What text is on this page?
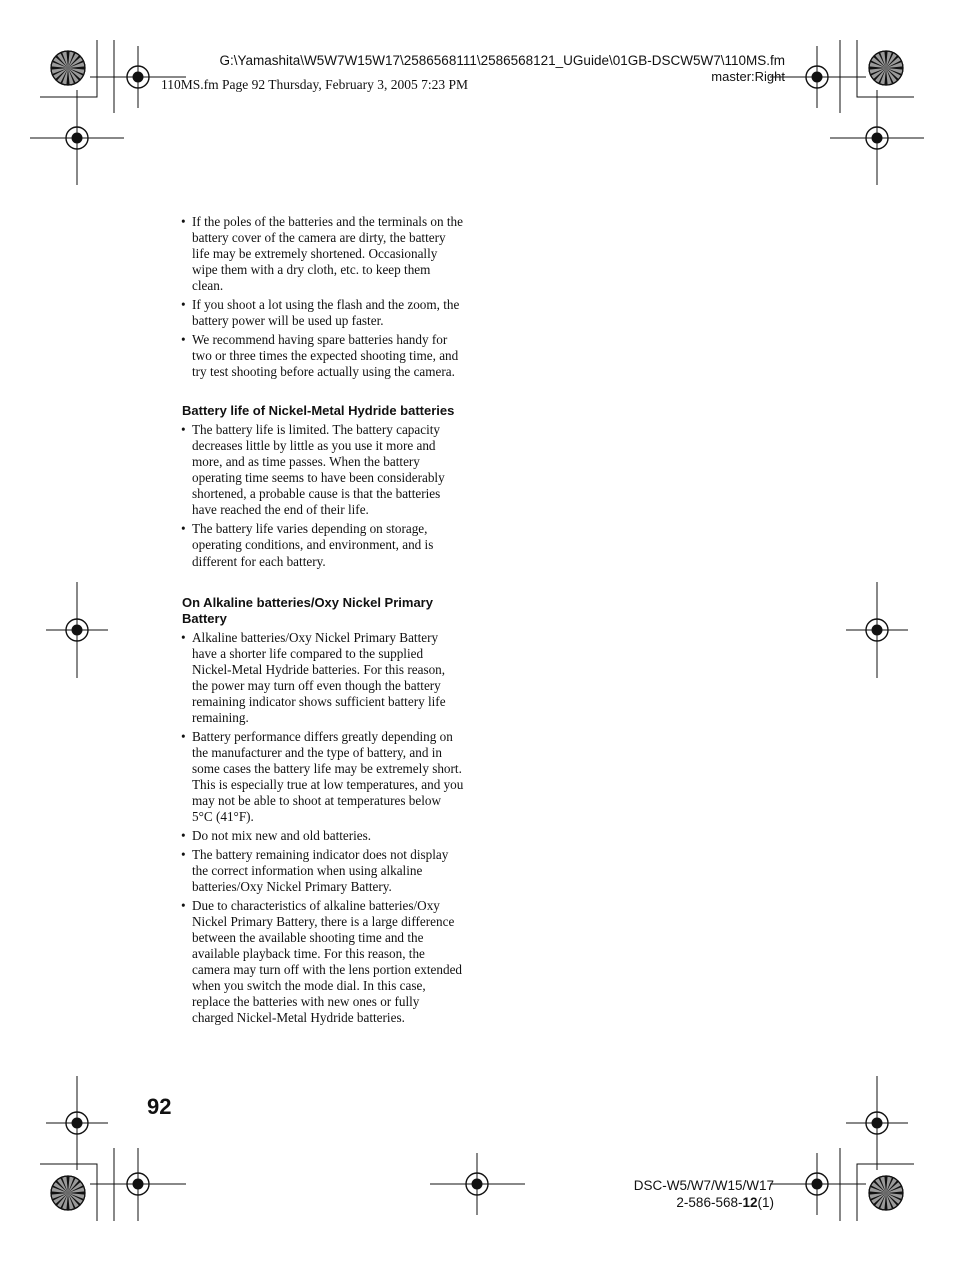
G:\Yamashita\W5W7W15W17\2586568111\2586568121_UGuide\01GB-DSCW5W7\110MS.fm
master:Right
110MS.fm Page 92 Thursday, February 3, 2005 7:23 PM
• If the poles of the batteries and the terminals on the battery cover of the camera are dirty, the battery life may be extremely shortened. Occasionally wipe them with a dry cloth, etc. to keep them clean.
• If you shoot a lot using the flash and the zoom, the battery power will be used up faster.
• We recommend having spare batteries handy for two or three times the expected shooting time, and try test shooting before actually using the camera.
Battery life of Nickel-Metal Hydride batteries
• The battery life is limited. The battery capacity decreases little by little as you use it more and more, and as time passes. When the battery operating time seems to have been considerably shortened, a probable cause is that the batteries have reached the end of their life.
• The battery life varies depending on storage, operating conditions, and environment, and is different for each battery.
On Alkaline batteries/Oxy Nickel Primary Battery
• Alkaline batteries/Oxy Nickel Primary Battery have a shorter life compared to the supplied Nickel-Metal Hydride batteries. For this reason, the power may turn off even though the battery remaining indicator shows sufficient battery life remaining.
• Battery performance differs greatly depending on the manufacturer and the type of battery, and in some cases the battery life may be extremely short. This is especially true at low temperatures, and you may not be able to shoot at temperatures below 5°C (41°F).
• Do not mix new and old batteries.
• The battery remaining indicator does not display the correct information when using alkaline batteries/Oxy Nickel Primary Battery.
• Due to characteristics of alkaline batteries/Oxy Nickel Primary Battery, there is a large difference between the available shooting time and the available playback time. For this reason, the camera may turn off with the lens portion extended when you switch the mode dial. In this case, replace the batteries with new ones or fully charged Nickel-Metal Hydride batteries.
92
DSC-W5/W7/W15/W17
2-586-568-12(1)
